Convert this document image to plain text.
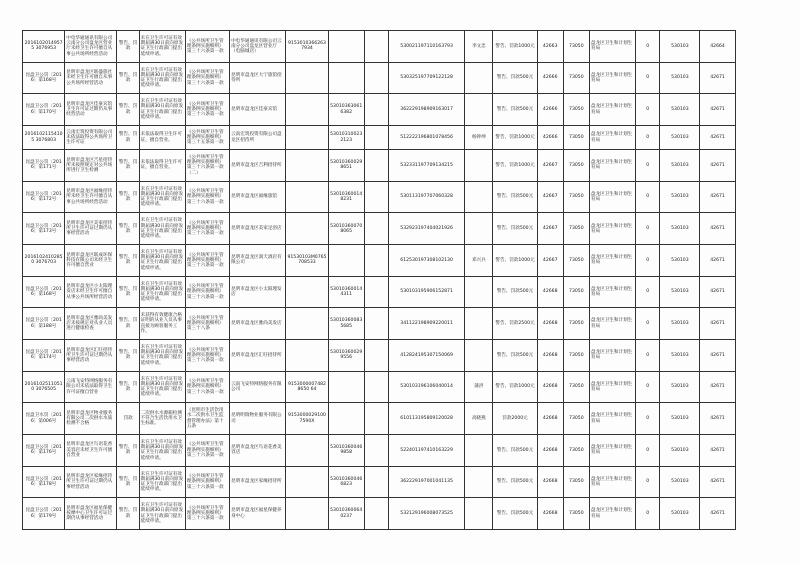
20161020149575 3076953	中电华通通讯有限公司云南分公司盘龙区营业厅未经卫生许可擅自从事公共场所经营活动	警告、罚款	未在卫生许可证有效期届满30日前向原发证卫生行政部门提出延续申请。	《公共场所卫生管理条例实施细则》第三十六条第一款	中电华通通讯有限公司云南分公司盘龙区营业厅（电脑城店）	91530103662637934			530021197110163793	李文忠	警告、罚款1000元	42663	73050	盘龙区卫生和计划生育局	0	530103	42664
昆盘卫公罚〔2016〕第168号	昆明市盘龙区联盛旅社未经卫生许可擅自从事公共场所经营活动	警告、罚款	未在卫生许可证有效期届满30日前向原发证卫生行政部门提出延续申请。	《公共场所卫生管理条例实施细则》第三十六条第一款	昆明市盘龙区大宁旅馆招待所				530325197709122128		警告、罚款500元	42666	73050	盘龙区卫生和计划生育局	0	530103	42671
昆盘卫公罚〔2016〕第170号	昆明市盘龙区佳豪宾馆卫生许可证过期仍从事经营活动	警告、罚款	未在卫生许可证有效期届满30日前向原发证卫生行政部门提出延续申请。	《公共场所卫生管理条例实施细则》第三十六条第一款	昆明市盘龙区佳豪宾馆		530103630616382		362229198909163017		警告、罚款500元	42666	73050	盘龙区卫生和计划生育局	0	530103	42671
20161021154105 3076803	云南宏筑投资有限公司未依法取得公共场所卫生许可证	警告、罚款	未依法取得卫生许可证，擅自营业。	《公共场所卫生管理条例实施细则》第三十五条第一款	云南宏筑投资有限公司盘龙区招待所		530103100232123		512222196801078456	杨钟坤	警告、罚款1000元	42666	73050	盘龙区卫生和计划生育局	0	530103	42671
昆盘卫公罚〔2016〕第171号	昆明市盘龙区吉星招待所未按照规定对公共场所进行卫生检测	警告、罚款	未依法取得卫生许可证，擅自营业。	《公共场所卫生管理条例实施细则》第三十六条第一款（二）	昆明市盘龙区吉利招待所		530103600298651		532331197709134215		警告、罚款1000元	42667	73050	盘龙区卫生和计划生育局	0	530103	42671
昆盘卫公罚〔2016〕第172号	昆明市盘龙区福缘招待所未经卫生许可擅自从事公共场所经营活动	警告、罚款	未在卫生许可证有效期届满30日前向原发证卫生行政部门提出延续申请。	《公共场所卫生管理条例实施细则》第三十六条第一款	昆明市盘龙区福缘旅馆		530103600148231		530113197707060328		警告、罚款500元	42667	73050	盘龙区卫生和计划生育局	0	530103	42671
昆盘卫公罚〔2016〕第173号	昆明市盘龙区美家招待所卫生许可证过期仍从事经营活动	警告、罚款	未在卫生许可证有效期届满30日前向原发证卫生行政部门提出延续申请。	《公共场所卫生管理条例实施细则》第三十六条第一款	昆明市盘龙区美家足浴店		530103600708065		532923197404021926		警告、罚款500元	42667	73050	盘龙区卫生和计划生育局	0	530103	42671
20161024102850 3076703	昆明市盘龙区联成环保科技有限公司未经卫生许可擅自营业	警告、罚款	未在卫生许可证有效期届满30日前向原发证卫生行政部门提出延续申请。	《公共场所卫生管理条例实施细则》第三十六条第一款	昆明市盘龙区润天酒店有限公司	91530103M0765708533			612530197308102130	邓兴兵	警告、罚款1000元	42667	73050	盘龙区卫生和计划生育局	0	530103	42671
昆盘卫公罚〔2016〕第168号	昆明市盘龙区小太阳理发店未经卫生许可擅自从事公共场所经营活动	警告、罚款	未在卫生许可证有效期届满30日前向原发证卫生行政部门提出延续申请。	《公共场所卫生管理条例实施细则》第三十六条第一款	昆明市盘龙区小太阳理发店		530103600144311		530103195906152871		警告、罚款500元	42668	73050	盘龙区卫生和计划生育局	0	530103	42671
昆盘卫公罚〔2016〕第188号	昆明市盘龙区雅尚美发店未按规定对从业人员进行健康检查	警告、罚款	未获得有效健康合格证明的从业人员从事直接为顾客服务工作。	《公共场所卫生管理条例实施细则》第三十八条	昆明市盘龙区雅尚美发店		530103600835685		341122198909220011		警告、罚款2500元	42668	73050	盘龙区卫生和计划生育局	0	530103	42671
昆盘卫公罚〔2016〕第174号	昆明市盘龙区汇旺招待所卫生许可证过期仍从事经营活动	警告、罚款	未在卫生许可证有效期届满30日前向原发证卫生行政部门提出延续申请。	《公共场所卫生管理条例实施细则》第三十六条第一款	昆明市盘龙区汇旺招待所		530103600299556		412824195307150069		警告、罚款500元	42668	73050	盘龙区卫生和计划生育局	0	530103	42671
20161025110510 3076505	云南飞安特网络服务有限公司未依法取得卫生许可证擅自营业	警告、罚款	未在卫生许可证有效期届满30日前向原发证卫生行政部门提出延续申请。	《公共场所卫生管理条例实施细则》第三十六条第一款	云南飞安特网络服务有限公司	91530000074828650 64			530103196106040014	蒲洪	警告、罚款1000元	42668	73050	盘龙区卫生和计划生育局	0	530103	42671
昆盘卫水罚〔2016〕第006号	昆明市盘龙区物业服务有限公司二次供水水质检测不合格	罚款	二次供水水源箱检测不符合生活饮用水卫生标准。	《昆明市生活饮用水二次供水卫生监督管理办法》第十五条	昆明明瑞物业服务有限公司	91530000291007590X			610113195809120028	高晓燕	罚款2000元	42668	73050	盘龙区卫生和计划生育局	0	530103	42671
昆盘卫公罚〔2016〕第176号	昆明市盘龙区鸟语花香美容店未经卫生许可擅自营业	警告、罚款	未在卫生许可证有效期届满30日前向原发证卫生行政部门提出延续申请。	《公共场所卫生管理条例实施细则》第三十六条第一款	昆明市盘龙区鸟语花香美容店		530103600469858		522401197410163229		警告、罚款500元	42668	73050	盘龙区卫生和计划生育局	0	530103	42671
昆盘卫公罚〔2016〕第178号	昆明市盘龙区家缘招待所卫生许可证过期仍从事经营活动	警告、罚款	未在卫生许可证有效期届满30日前向原发证卫生行政部门提出延续申请。	《公共场所卫生管理条例实施细则》第三十六条第一款	昆明市盘龙区家缘招待所		530103600466823		362229197001041135		警告、罚款500元	42668	73050	盘龙区卫生和计划生育局	0	530103	42671
昆盘卫公罚〔2016〕第179号	昆明市盘龙区福星保健按摩中心卫生许可证过期仍从事经营活动	警告、罚款	未在卫生许可证有效期届满30日前向原发证卫生行政部门提出延续申请。	《公共场所卫生管理条例实施细则》第三十六条第一款	昆明市盘龙区福星保健养身中心		530103600640237		532129196008073525		警告、罚款500元	42668	73050	盘龙区卫生和计划生育局	0	530103	42671
